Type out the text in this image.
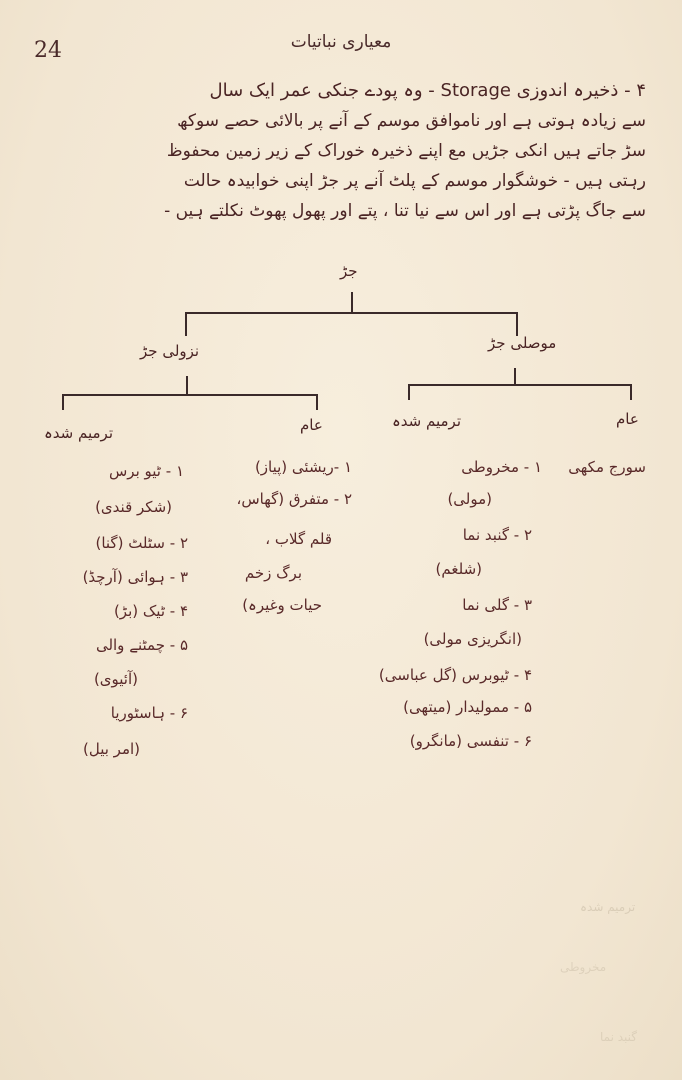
24	معیاری نباتیات
۴ - ذخیرہ اندوزی Storage - وہ پودے جنکی عمر ایک سال
سے زیادہ ہوتی ہے اور ناموافق موسم کے آنے پر بالائی حصے سوکھ
سڑ جاتے ہیں انکی جڑیں مع اپنے ذخیرہ خوراک کے زیر زمین محفوظ
رہتی ہیں - خوشگوار موسم کے پلٹ آنے پر جڑ اپنی خوابیدہ حالت
سے جاگ پڑتی ہے اور اس سے نیا تنا ، پتے اور پھول پھوٹ نکلتے ہیں -
جڑ
نزولی جڑ	موصلی جڑ
ترمیم شدہ	عام	ترمیم شدہ	عام
سورج مکھی
۱ - مخروطی
(مولی)
۲ - گنبد نما
(شلغم)
۳ - گلی نما
(انگریزی مولی)
۴ - ٹیوبرس (گل عباسی)
۵ - ممولیدار (میتھی)
۶ - تنفسی (مانگرو)
۱ -ریشئی (پیاز)
۲ - متفرق (گھاس،
قلم گلاب ،
برگ زخم
حیات وغیرہ)
۱ - ٹیو برس
(شکر قندی)
۲ - سٹلٹ (گنا)
۳ - ہوائی (آرچڈ)
۴ - ٹیک (بڑ)
۵ - چمٹنے والی
(آئیوی)
۶ - ہاسٹوریا
(امر بیل)
ترمیم شدہ
مخروطی
گنبد نما
